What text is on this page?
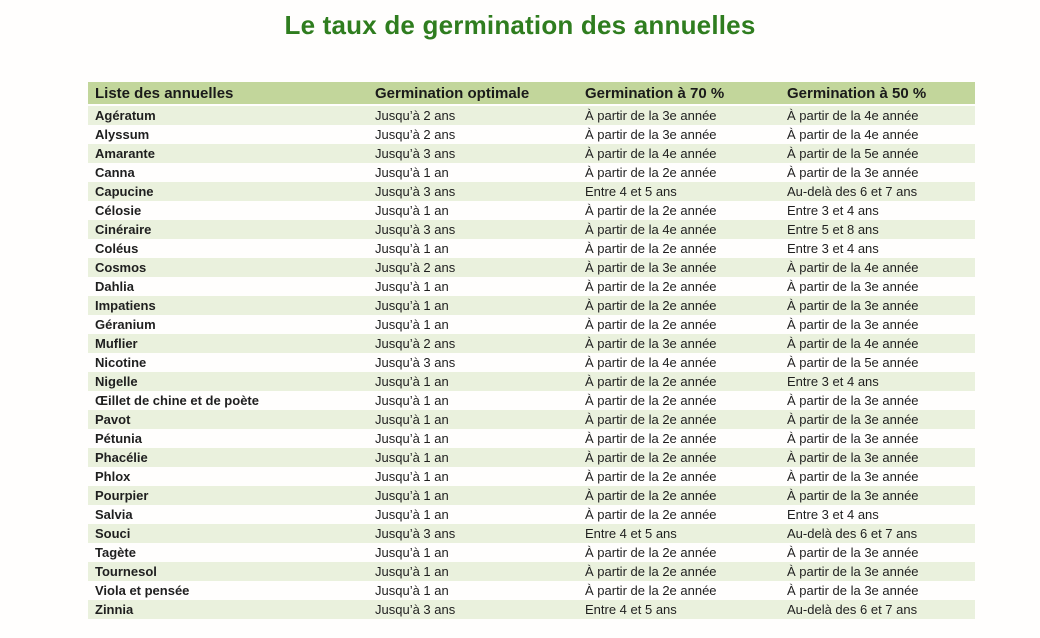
Le taux de germination des annuelles
Liste des annuelles	Germination optimale	Germination à 70 %	Germination à 50 %
Agératum	Jusqu’à 2 ans	À partir de la 3e année	À partir de la 4e année
Alyssum	Jusqu’à 2 ans	À partir de la 3e année	À partir de la 4e année
Amarante	Jusqu’à 3 ans	À partir de la 4e année	À partir de la 5e année
Canna	Jusqu’à 1 an	À partir de la 2e année	À partir de la 3e année
Capucine	Jusqu’à 3 ans	Entre 4 et 5 ans	Au-delà des 6 et 7 ans
Célosie	Jusqu’à 1 an	À partir de la 2e année	Entre 3 et 4 ans
Cinéraire	Jusqu’à 3 ans	À partir de la 4e année	Entre 5 et 8 ans
Coléus	Jusqu’à 1 an	À partir de la 2e année	Entre 3 et 4 ans
Cosmos	Jusqu’à 2 ans	À partir de la 3e année	À partir de la 4e année
Dahlia	Jusqu’à 1 an	À partir de la 2e année	À partir de la 3e année
Impatiens	Jusqu’à 1 an	À partir de la 2e année	À partir de la 3e année
Géranium	Jusqu’à 1 an	À partir de la 2e année	À partir de la 3e année
Muflier	Jusqu’à 2 ans	À partir de la 3e année	À partir de la 4e année
Nicotine	Jusqu’à 3 ans	À partir de la 4e année	À partir de la 5e année
Nigelle	Jusqu’à 1 an	À partir de la 2e année	Entre 3 et 4 ans
Œillet de chine et de poète	Jusqu’à 1 an	À partir de la 2e année	À partir de la 3e année
Pavot	Jusqu’à 1 an	À partir de la 2e année	À partir de la 3e année
Pétunia	Jusqu’à 1 an	À partir de la 2e année	À partir de la 3e année
Phacélie	Jusqu’à 1 an	À partir de la 2e année	À partir de la 3e année
Phlox	Jusqu’à 1 an	À partir de la 2e année	À partir de la 3e année
Pourpier	Jusqu’à 1 an	À partir de la 2e année	À partir de la 3e année
Salvia	Jusqu’à 1 an	À partir de la 2e année	Entre 3 et 4 ans
Souci	Jusqu’à 3 ans	Entre 4 et 5 ans	Au-delà des 6 et 7 ans
Tagète	Jusqu’à 1 an	À partir de la 2e année	À partir de la 3e année
Tournesol	Jusqu’à 1 an	À partir de la 2e année	À partir de la 3e année
Viola et pensée	Jusqu’à 1 an	À partir de la 2e année	À partir de la 3e année
Zinnia	Jusqu’à 3 ans	Entre 4 et 5 ans	Au-delà des 6 et 7 ans
